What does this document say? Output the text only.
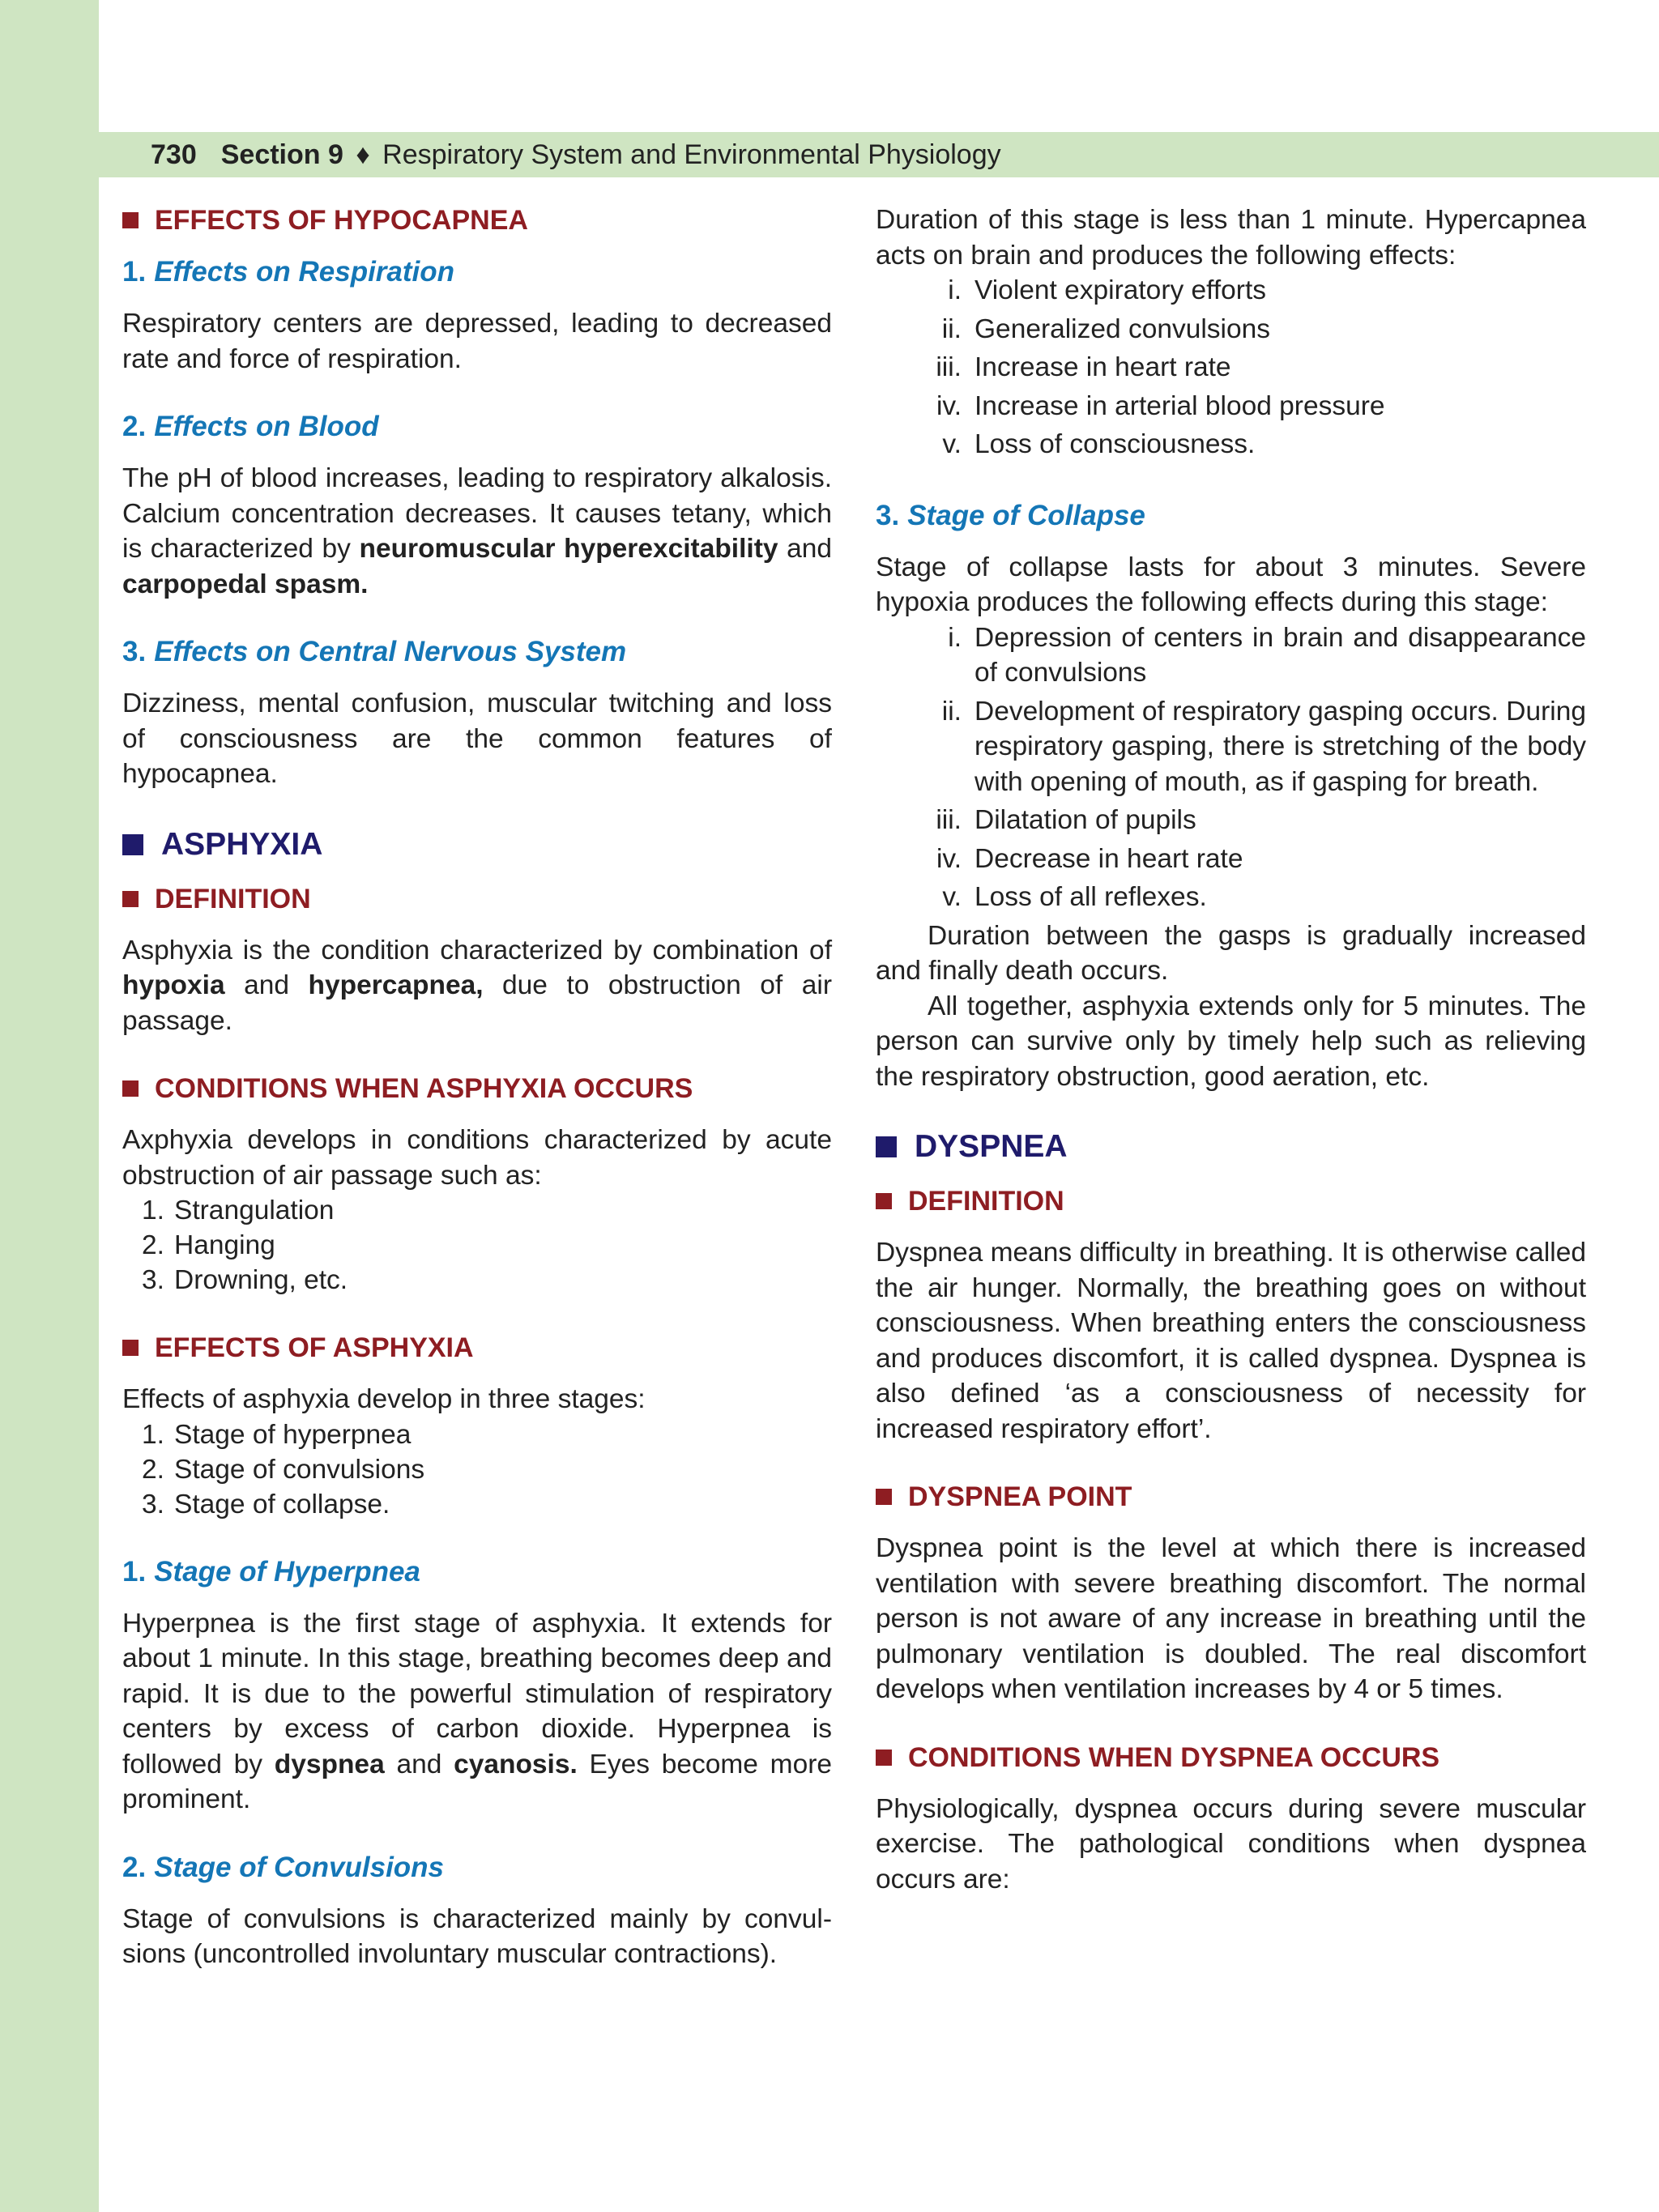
730 Section 9 ♦ Respiratory System and Environmental Physiology
EFFECTS OF HYPOCAPNEA
1. Effects on Respiration

Respiratory centers are depressed, leading to decreased rate and force of respiration.

2. Effects on Blood

The pH of blood increases, leading to respiratory alkalosis. Calcium concentration decreases. It causes tetany, which is characterized by neuromuscular hyperexcitability and carpopedal spasm.

3. Effects on Central Nervous System

Dizziness, mental confusion, muscular twitching and loss of consciousness are the common features of hypocapnea.

ASPHYXIA
DEFINITION

Asphyxia is the condition characterized by combination of hypoxia and hypercapnea, due to obstruction of air passage.

CONDITIONS WHEN ASPHYXIA OCCURS

Axphyxia develops in conditions characterized by acute obstruction of air passage such as:

1. Strangulation
2. Hanging
3. Drowning, etc.
EFFECTS OF ASPHYXIA

Effects of asphyxia develop in three stages:

1. Stage of hyperpnea
2. Stage of convulsions
3. Stage of collapse.
1. Stage of Hyperpnea

Hyperpnea is the first stage of asphyxia. It extends for about 1 minute. In this stage, breathing becomes deep and rapid. It is due to the powerful stimulation of respiratory centers by excess of carbon dioxide. Hyperpnea is followed by dyspnea and cyanosis. Eyes become more prominent.

2. Stage of Convulsions

Stage of convulsions is characterized mainly by convulsions (uncontrolled involuntary muscular contractions).

Duration of this stage is less than 1 minute. Hypercapnea acts on brain and produces the following effects:

i. Violent expiratory efforts
ii. Generalized convulsions
iii. Increase in heart rate
iv. Increase in arterial blood pressure
v. Loss of consciousness.
3. Stage of Collapse

Stage of collapse lasts for about 3 minutes. Severe hypoxia produces the following effects during this stage:

i. Depression of centers in brain and disappearance of convulsions
ii. Development of respiratory gasping occurs. During respiratory gasping, there is stretching of the body with opening of mouth, as if gasping for breath.
iii. Dilatation of pupils
iv. Decrease in heart rate
v. Loss of all reflexes.

Duration between the gasps is gradually increased and finally death occurs.

All together, asphyxia extends only for 5 minutes. The person can survive only by timely help such as relieving the respiratory obstruction, good aeration, etc.

DYSPNEA
DEFINITION

Dyspnea means difficulty in breathing. It is otherwise called the air hunger. Normally, the breathing goes on without consciousness. When breathing enters the consciousness and produces discomfort, it is called dyspnea. Dyspnea is also defined ‘as a consciousness of necessity for increased respiratory effort’.

DYSPNEA POINT

Dyspnea point is the level at which there is increased ventilation with severe breathing discomfort. The normal person is not aware of any increase in breathing until the pulmonary ventilation is doubled. The real discomfort develops when ventilation increases by 4 or 5 times.

CONDITIONS WHEN DYSPNEA OCCURS

Physiologically, dyspnea occurs during severe muscular exercise. The pathological conditions when dyspnea occurs are:
